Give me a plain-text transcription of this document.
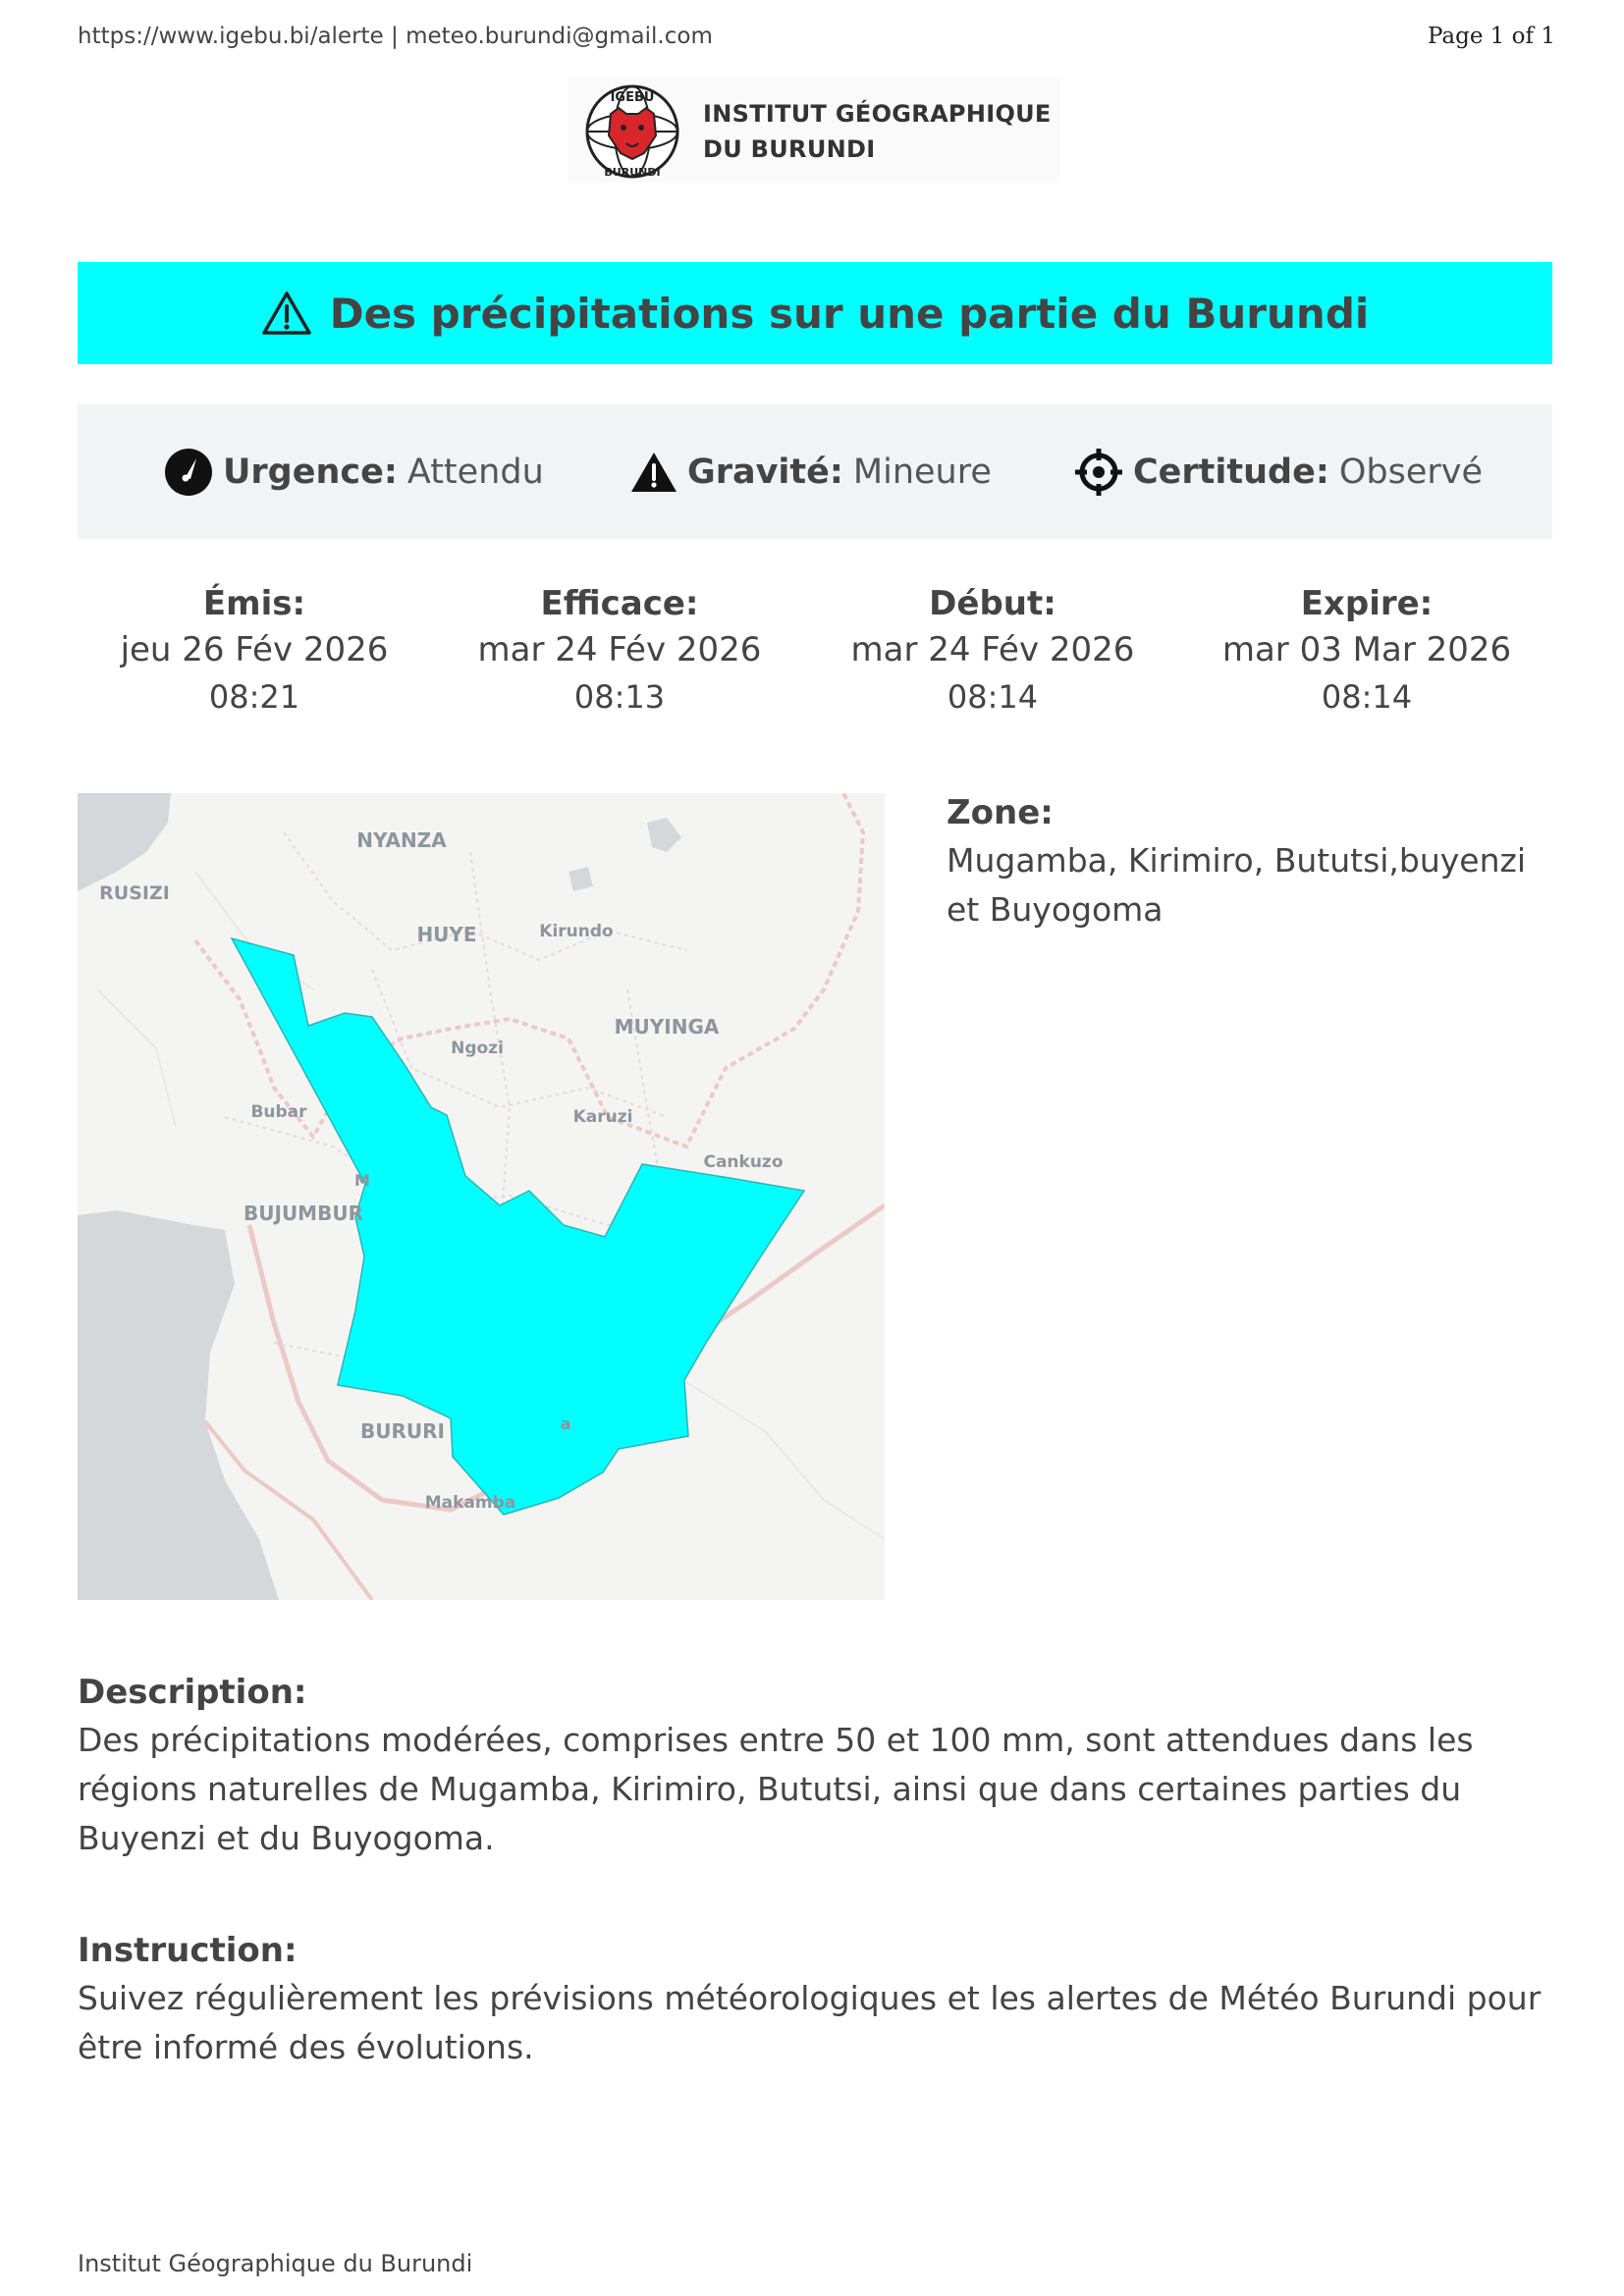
https://www.igebu.bi/alerte | meteo.burundi@gmail.com	Page 1 of 1
IGEBU
BURUNDI
INSTITUT GÉOGRAPHIQUE
DU BURUNDI
Des précipitations sur une partie du Burundi
Urgence: Attendu	Gravité: Mineure	Certitude: Observé
Émis:
jeu 26 Fév 2026
08:21
Efficace:
mar 24 Fév 2026
08:13
Début:
mar 24 Fév 2026
08:14
Expire:
mar 03 Mar 2026
08:14
NYANZA
RUSIZI
HUYE	Kirundo
Ngozi
MUYINGA
Bubar	Karuzi
Cankuzo
BUJUMBUR
M
a
BURURI
Makamba
Zone:
Mugamba, Kirimiro, Bututsi,buyenzi et Buyogoma
Description:
Des précipitations modérées, comprises entre 50 et 100 mm, sont attendues dans les régions naturelles de Mugamba, Kirimiro, Bututsi, ainsi que dans certaines parties du Buyenzi et du Buyogoma.
Instruction:
Suivez régulièrement les prévisions météorologiques et les alertes de Météo Burundi pour être informé des évolutions.
Institut Géographique du Burundi
